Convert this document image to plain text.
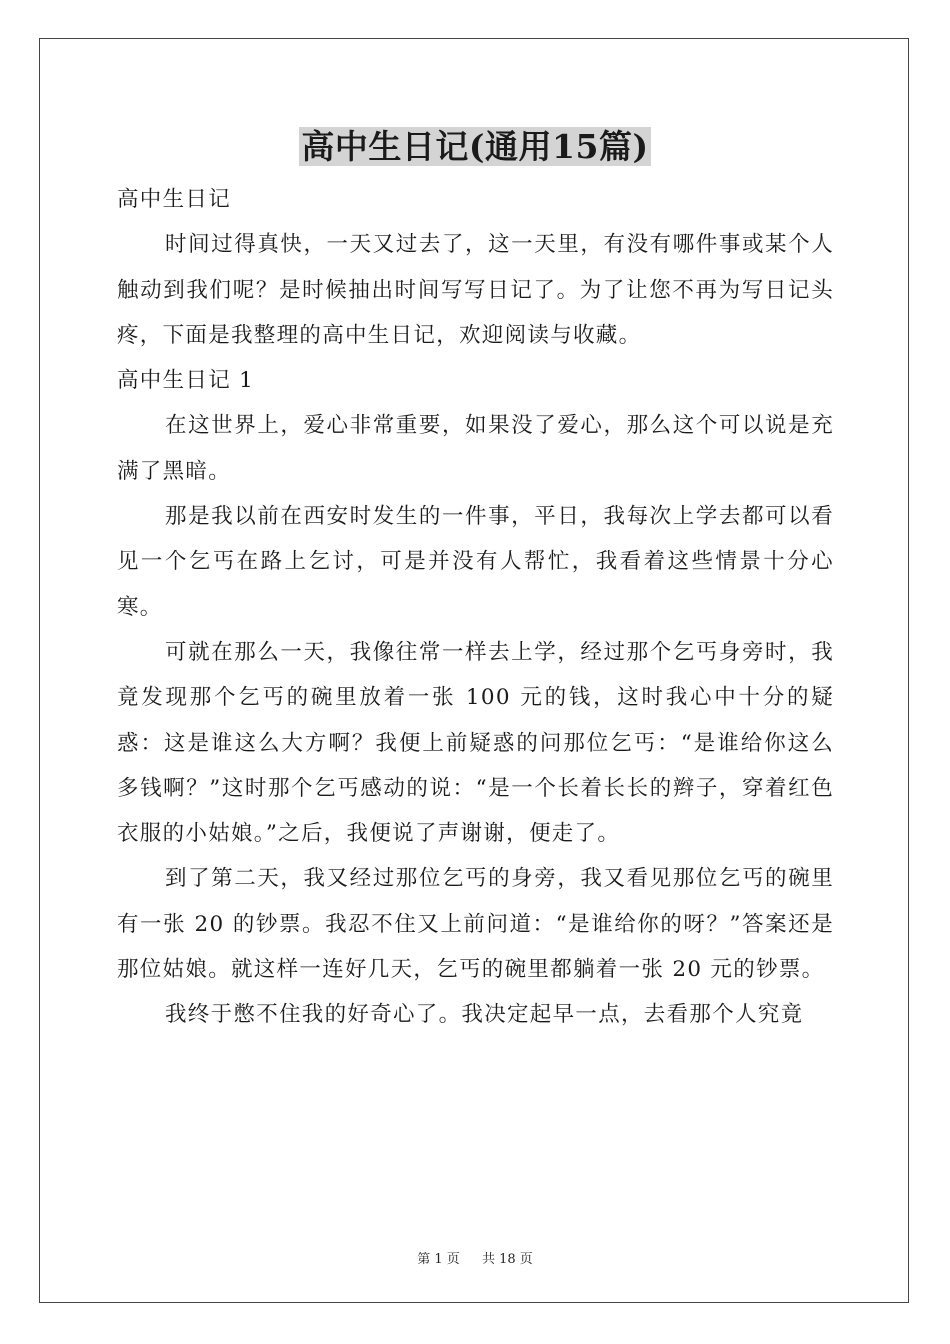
高中生日记(通用15篇)

高中生日记

时间过得真快，一天又过去了，这一天里，有没有哪件事或某个人触动到我们呢？是时候抽出时间写写日记了。为了让您不再为写日记头疼，下面是我整理的高中生日记，欢迎阅读与收藏。

高中生日记 1

在这世界上，爱心非常重要，如果没了爱心，那么这个可以说是充满了黑暗。

那是我以前在西安时发生的一件事，平日，我每次上学去都可以看见一个乞丐在路上乞讨，可是并没有人帮忙，我看着这些情景十分心寒。

可就在那么一天，我像往常一样去上学，经过那个乞丐身旁时，我竟发现那个乞丐的碗里放着一张 100 元的钱，这时我心中十分的疑惑：这是谁这么大方啊？我便上前疑惑的问那位乞丐：“是谁给你这么多钱啊？”这时那个乞丐感动的说：“是一个长着长长的辫子，穿着红色衣服的小姑娘。”之后，我便说了声谢谢，便走了。

到了第二天，我又经过那位乞丐的身旁，我又看见那位乞丐的碗里有一张 20 的钞票。我忍不住又上前问道：“是谁给你的呀？”答案还是那位姑娘。就这样一连好几天，乞丐的碗里都躺着一张 20 元的钞票。

我终于憋不住我的好奇心了。我决定起早一点，去看那个人究竟

第 1 页 共 18 页
